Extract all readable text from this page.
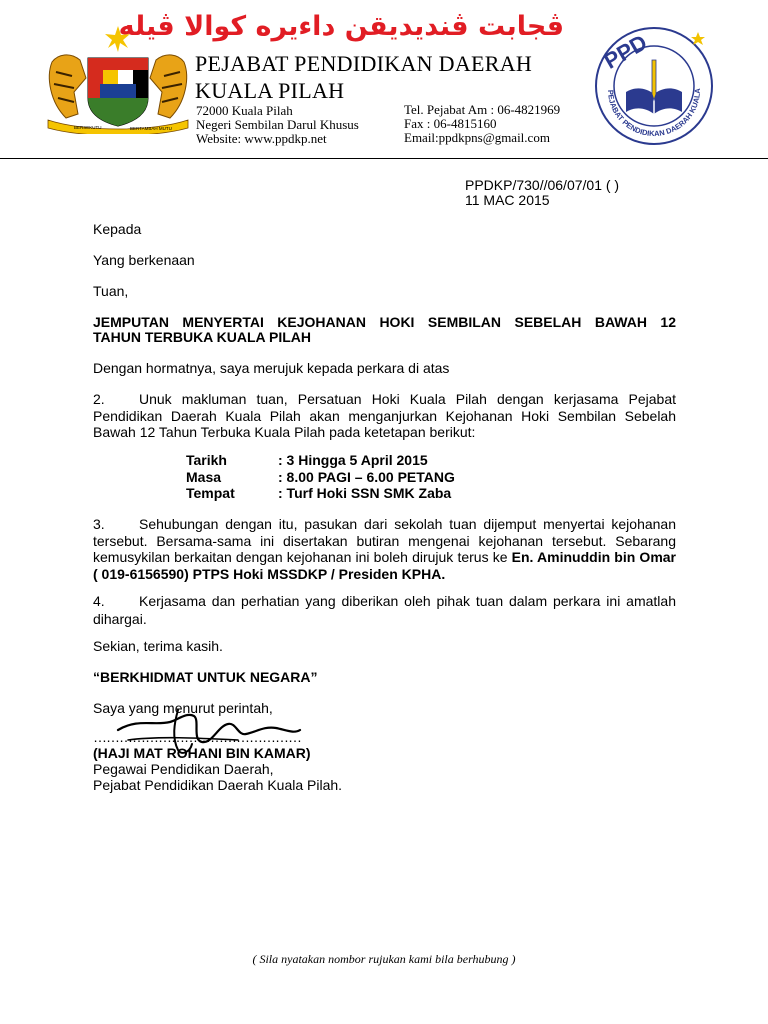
BERSEKUTU	BERTAMBAH MUTU
ڤجابت ڤنديديقن داءيره كوالا ڤيله
PEJABAT PENDIDIKAN DAERAH
KUALA PILAH
72000 Kuala Pilah
Negeri Sembilan Darul Khusus
Website: www.ppdkp.net
Tel. Pejabat Am : 06-4821969
Fax : 06-4815160
Email:ppdkpns@gmail.com
PPD
PEJABAT PENDIDIKAN DAERAH KUALA
PPDKP/730//06/07/01 ( )
11 MAC 2015
Kepada
Yang berkenaan
Tuan,
JEMPUTAN MENYERTAI KEJOHANAN HOKI SEMBILAN SEBELAH BAWAH 12
TAHUN TERBUKA KUALA PILAH
Dengan hormatnya, saya merujuk kepada perkara di atas
2. Unuk makluman tuan, Persatuan Hoki Kuala Pilah dengan kerjasama Pejabat Pendidikan Daerah Kuala Pilah akan menganjurkan Kejohanan Hoki Sembilan Sebelah Bawah 12 Tahun Terbuka Kuala Pilah pada ketetapan berikut:
Tarikh	: 3 Hingga 5 April 2015
Masa	: 8.00 PAGI – 6.00 PETANG
Tempat	: Turf Hoki SSN SMK Zaba
3. Sehubungan dengan itu, pasukan dari sekolah tuan dijemput menyertai kejohanan tersebut. Bersama-sama ini disertakan butiran mengenai kejohanan tersebut. Sebarang kemusykilan berkaitan dengan kejohanan ini boleh dirujuk terus ke En. Aminuddin bin Omar ( 019-6156590) PTPS Hoki MSSDKP / Presiden KPHA.
4. Kerjasama dan perhatian yang diberikan oleh pihak tuan dalam perkara ini amatlah dihargai.
Sekian, terima kasih.
“BERKHIDMAT UNTUK NEGARA”
Saya yang menurut perintah,
…………………………………………
(HAJI MAT ROHANI BIN KAMAR)
Pegawai Pendidikan Daerah,
Pejabat Pendidikan Daerah Kuala Pilah.
( Sila nyatakan nombor rujukan kami bila berhubung )
